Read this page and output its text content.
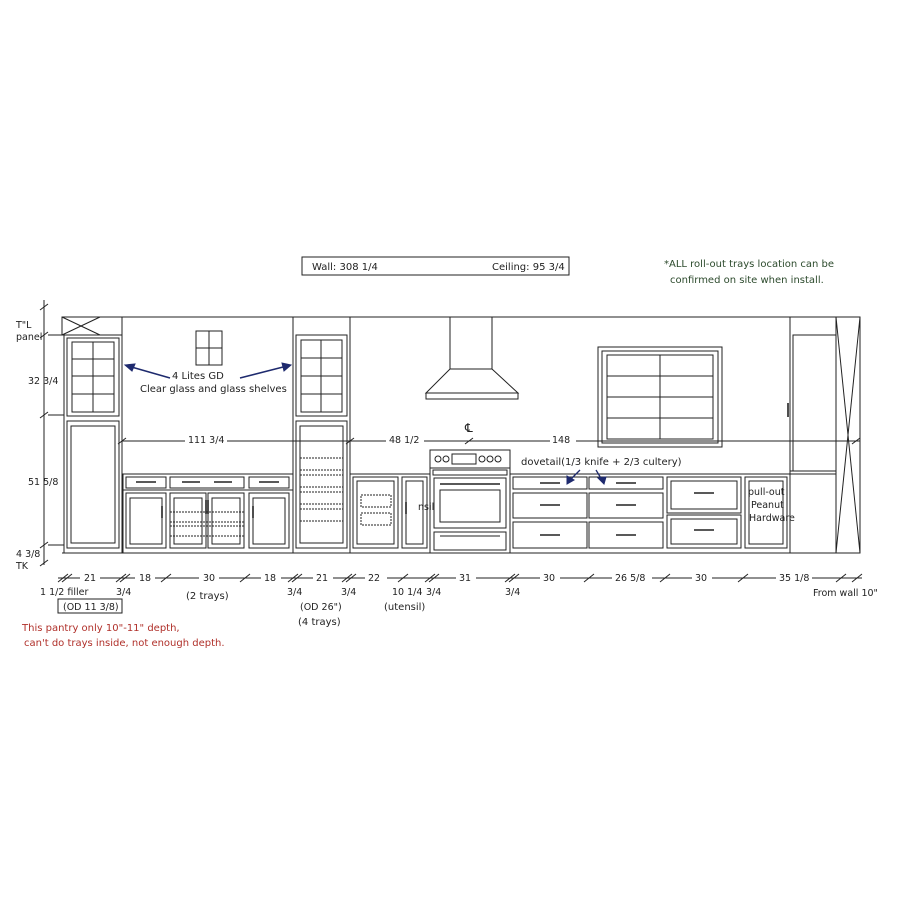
Wall: 308 1/4	Ceiling: 95 3/4	*ALL roll-out trays location can be
confirmed on site when install.
T"L
panel
32 3/4
51 5/8
4 3/8
TK
4 Lites GD
Clear glass and glass shelves
nsil
℄
dovetail(1/3 knife + 2/3 cultery)
pull-out
Peanut
Hardware
111 3/4	48 1/2	148
21	18	30	18	21	22	31	30	26 5/8	30	35 1/8
1 1/2 filler	3/4	3/4	3/4	10 1/4 3/4	3/4	From wall 10"
(OD 11 3/8)
(2 trays)
(OD 26")
(4 trays)
(utensil)
This pantry only 10"-11" depth,
can't do trays inside, not enough depth.
